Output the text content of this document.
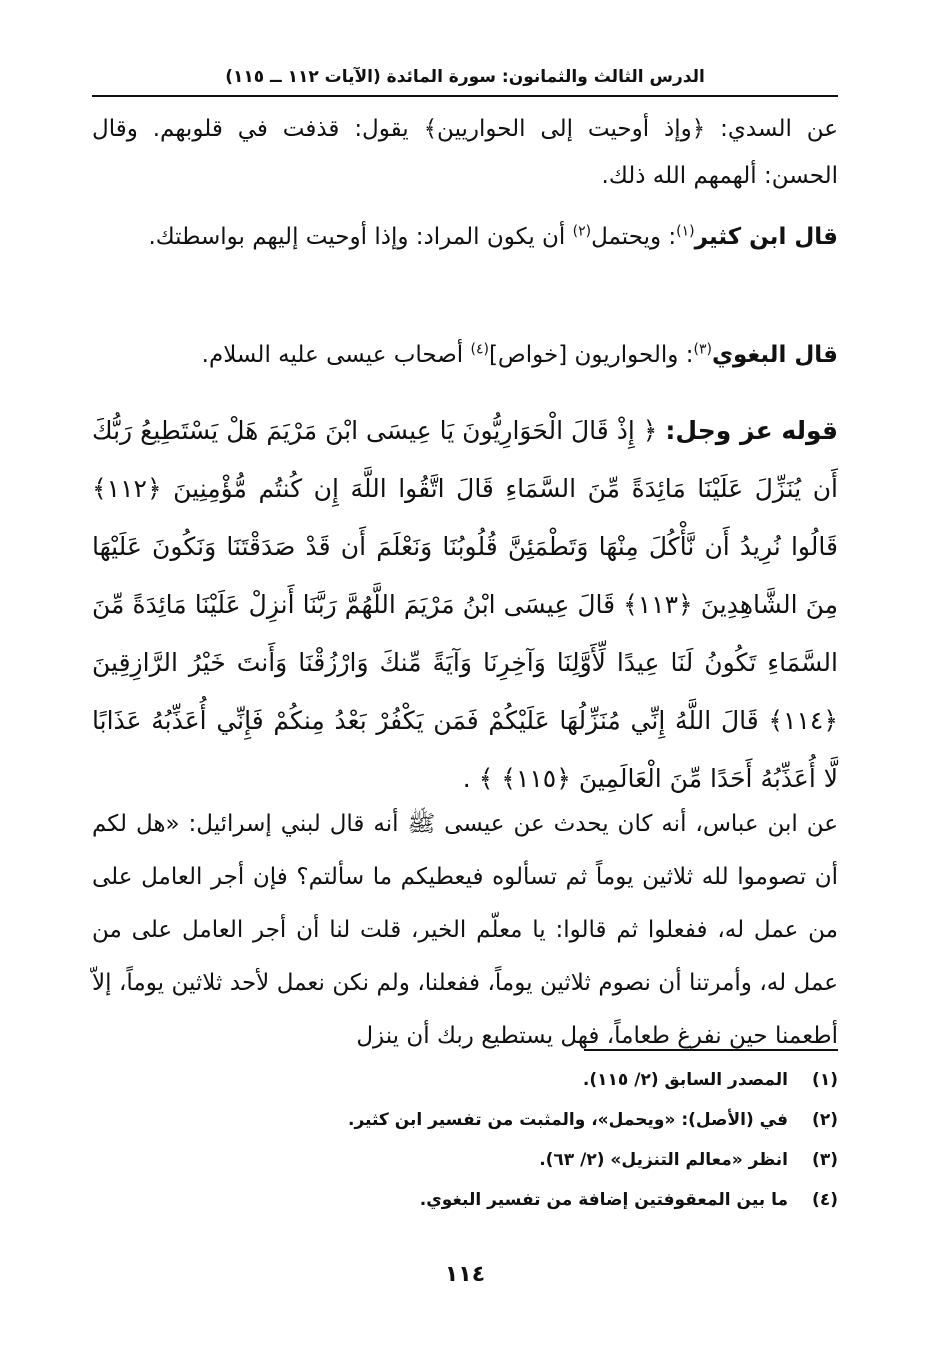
الدرس الثالث والثمانون: سورة المائدة (الآيات ١١٢ ــ ١١٥)
عن السدي: ﴿وإذ أوحيت إلى الحواريين﴾ يقول: قذفت في قلوبهم. وقال الحسن: ألهمهم الله ذلك.
قال ابن كثير$^{(١)}$: ويحتمل$^{(٢)}$ أن يكون المراد: وإذا أوحيت إليهم بواسطتك.
قال البغوي$^{(٣)}$: والحواريون [خواص]$^{(٤)}$ أصحاب عيسى عليه السلام.
قوله عز وجل: ﴿ إِذْ قَالَ الْحَوَارِيُّونَ يَا عِيسَى ابْنَ مَرْيَمَ هَلْ يَسْتَطِيعُ رَبُّكَ أَن يُنَزِّلَ عَلَيْنَا مَائِدَةً مِّنَ السَّمَاءِ قَالَ اتَّقُوا اللَّهَ إِن كُنتُم مُّؤْمِنِينَ ﴿١١٢﴾ قَالُوا نُرِيدُ أَن نَّأْكُلَ مِنْهَا وَتَطْمَئِنَّ قُلُوبُنَا وَنَعْلَمَ أَن قَدْ صَدَقْتَنَا وَنَكُونَ عَلَيْهَا مِنَ الشَّاهِدِينَ ﴿١١٣﴾ قَالَ عِيسَى ابْنُ مَرْيَمَ اللَّهُمَّ رَبَّنَا أَنزِلْ عَلَيْنَا مَائِدَةً مِّنَ السَّمَاءِ تَكُونُ لَنَا عِيدًا لِّأَوَّلِنَا وَآخِرِنَا وَآيَةً مِّنكَ وَارْزُقْنَا وَأَنتَ خَيْرُ الرَّازِقِينَ ﴿١١٤﴾ قَالَ اللَّهُ إِنِّي مُنَزِّلُهَا عَلَيْكُمْ فَمَن يَكْفُرْ بَعْدُ مِنكُمْ فَإِنِّي أُعَذِّبُهُ عَذَابًا لَّا أُعَذِّبُهُ أَحَدًا مِّنَ الْعَالَمِينَ ﴿١١٥﴾ ﴾ .
عن ابن عباس، أنه كان يحدث عن عيسى ﷺ أنه قال لبني إسرائيل: «هل لكم أن تصوموا لله ثلاثين يوماً ثم تسألوه فيعطيكم ما سألتم؟ فإن أجر العامل على من عمل له، ففعلوا ثم قالوا: يا معلّم الخير، قلت لنا أن أجر العامل على من عمل له، وأمرتنا أن نصوم ثلاثين يوماً، ففعلنا، ولم نكن نعمل لأحد ثلاثين يوماً، إلاّ أطعمنا حين نفرغ طعاماً، فهل يستطيع ربك أن ينزل
(١)المصدر السابق (٢/ ١١٥).
(٢)في (الأصل): «ويحمل»، والمثبت من تفسير ابن كثير.
(٣)انظر «معالم التنزيل» (٢/ ٦٣).
(٤)ما بين المعقوفتين إضافة من تفسير البغوي.
١١٤
